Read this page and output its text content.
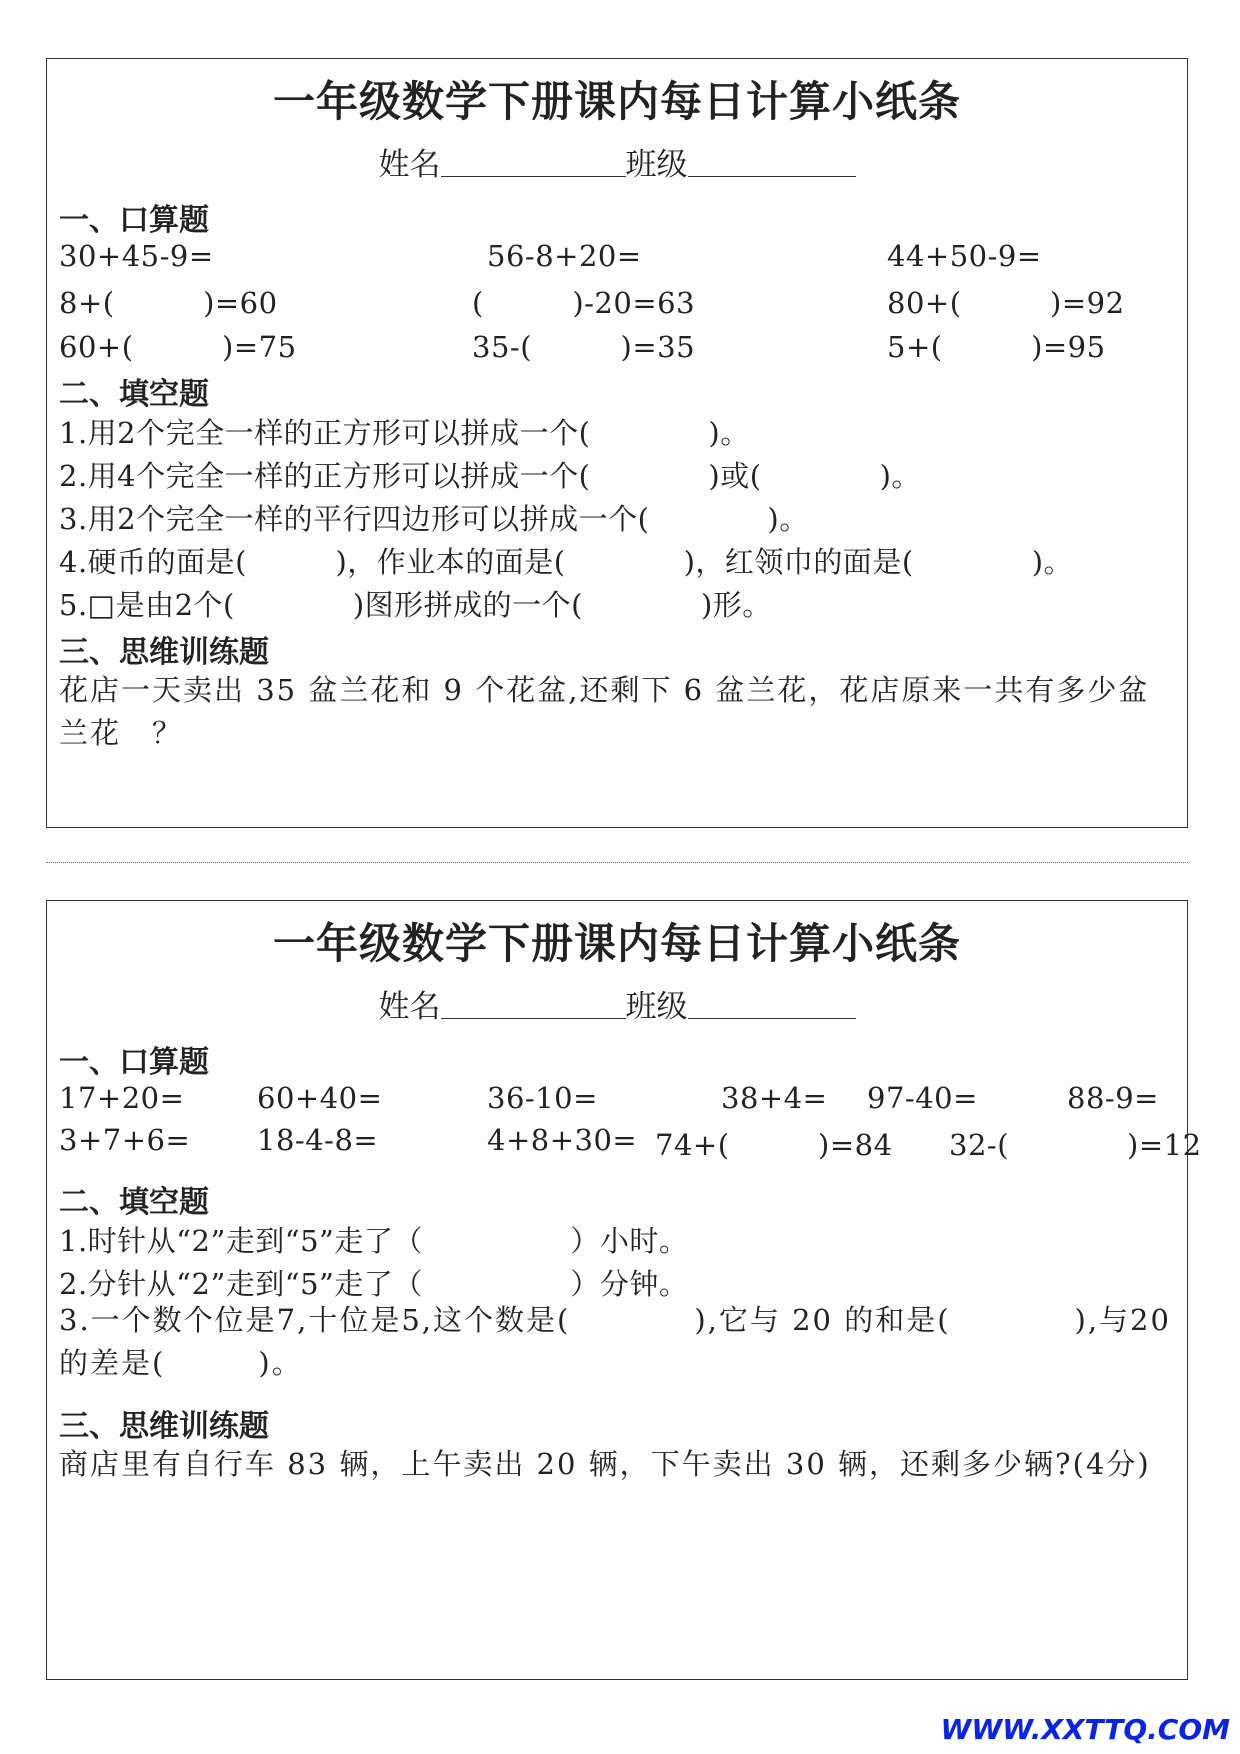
一年级数学下册课内每日计算小纸条
姓名	班级
一、口算题
30+45-9=	56-8+20=	44+50-9=
8+(　　　)=60	(　　　)-20=63	80+(　　　)=92
60+(　　　)=75	35-(　　　)=35	5+(　　　)=95
二、填空题
1.用2个完全一样的正方形可以拼成一个(　　　　)。
2.用4个完全一样的正方形可以拼成一个(　　　　)或(　　　　)。
3.用2个完全一样的平行四边形可以拼成一个(　　　　)。
4.硬币的面是(　　　)，作业本的面是(　　　　)，红领巾的面是(　　　　)。
5.□是由2个(　　　　)图形拼成的一个(　　　　)形。
三、思维训练题
花店一天卖出 35 盆兰花和 9 个花盆,还剩下 6 盆兰花，花店原来一共有多少盆兰花　？
一年级数学下册课内每日计算小纸条
姓名	班级
一、口算题
17+20=	60+40=	36-10=	38+4= 97-40=	88-9=
3+7+6= 18-4-8=	4+8+30= 74+(　　　)=84 32-(　　　　)=12
二、填空题
1.时针从“2”走到“5”走了（　　　　　）小时。
2.分针从“2”走到“5”走了（　　　　　）分钟。
3.一个数个位是7,十位是5,这个数是(　　　　),它与 20 的和是(　　　　),与20的差是(　　　)。
三、思维训练题
商店里有自行车 83 辆，上午卖出 20 辆，下午卖出 30 辆，还剩多少辆?(4分)
WWW.XXTTQ.COM
